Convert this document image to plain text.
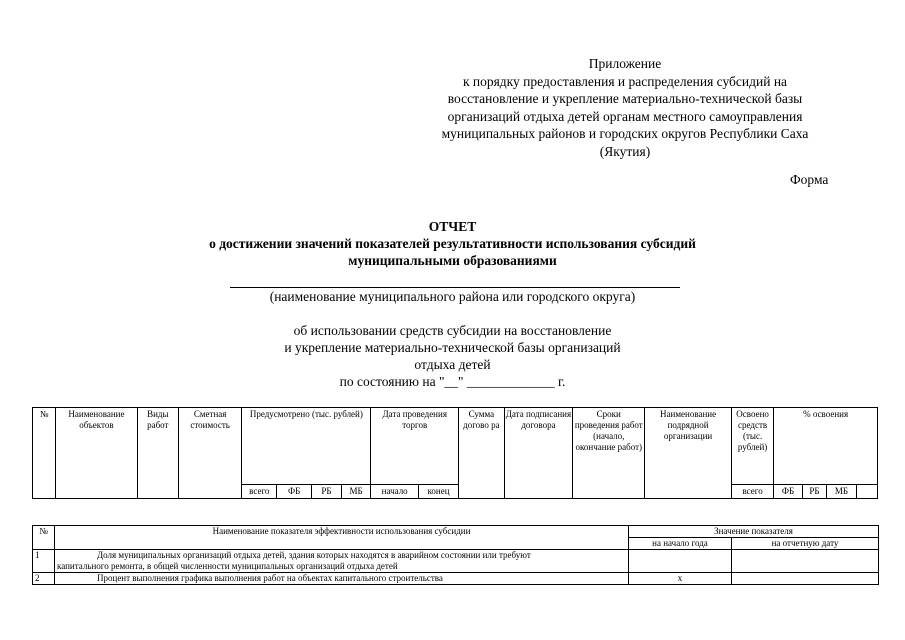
Приложение
к порядку предоставления и распределения субсидий на
восстановление и укрепление материально-технической базы
организаций отдыха детей органам местного самоуправления
муниципальных районов и городских округов Республики Саха
(Якутия)
Форма
ОТЧЕТ
о достижении значений показателей результативности использования субсидий
муниципальными образованиями
(наименование муниципального района или городского округа)
об использовании средств субсидии на восстановление
и укрепление материально-технической базы организаций
отдыха детей
по состоянию на "__" _____________ г.
№	Наименование объектов	Виды работ	Сметная стоимость	Предусмотрено (тыс. рублей)				Дата проведения торгов		Сумма догово ра	Дата подписания договора	Сроки проведения работ (начало, окончание работ)	Наименование подрядной организации	Освоено средств (тыс. рублей)	% освоения			
				всего	ФБ	РБ	МБ	начало	конец					всего	ФБ	РБ	МБ	
№	Наименование показателя эффективности использования субсидии	Значение показателя	
		на начало года	на отчетную дату
1	Доля муниципальных организаций отдыха детей, здания которых находятся в аварийном состоянии или требуют
капитального ремонта, в общей численности муниципальных организаций отдыха детей		

2	Процент выполнения графика выполнения работ на объектах капитального строительства	x	
